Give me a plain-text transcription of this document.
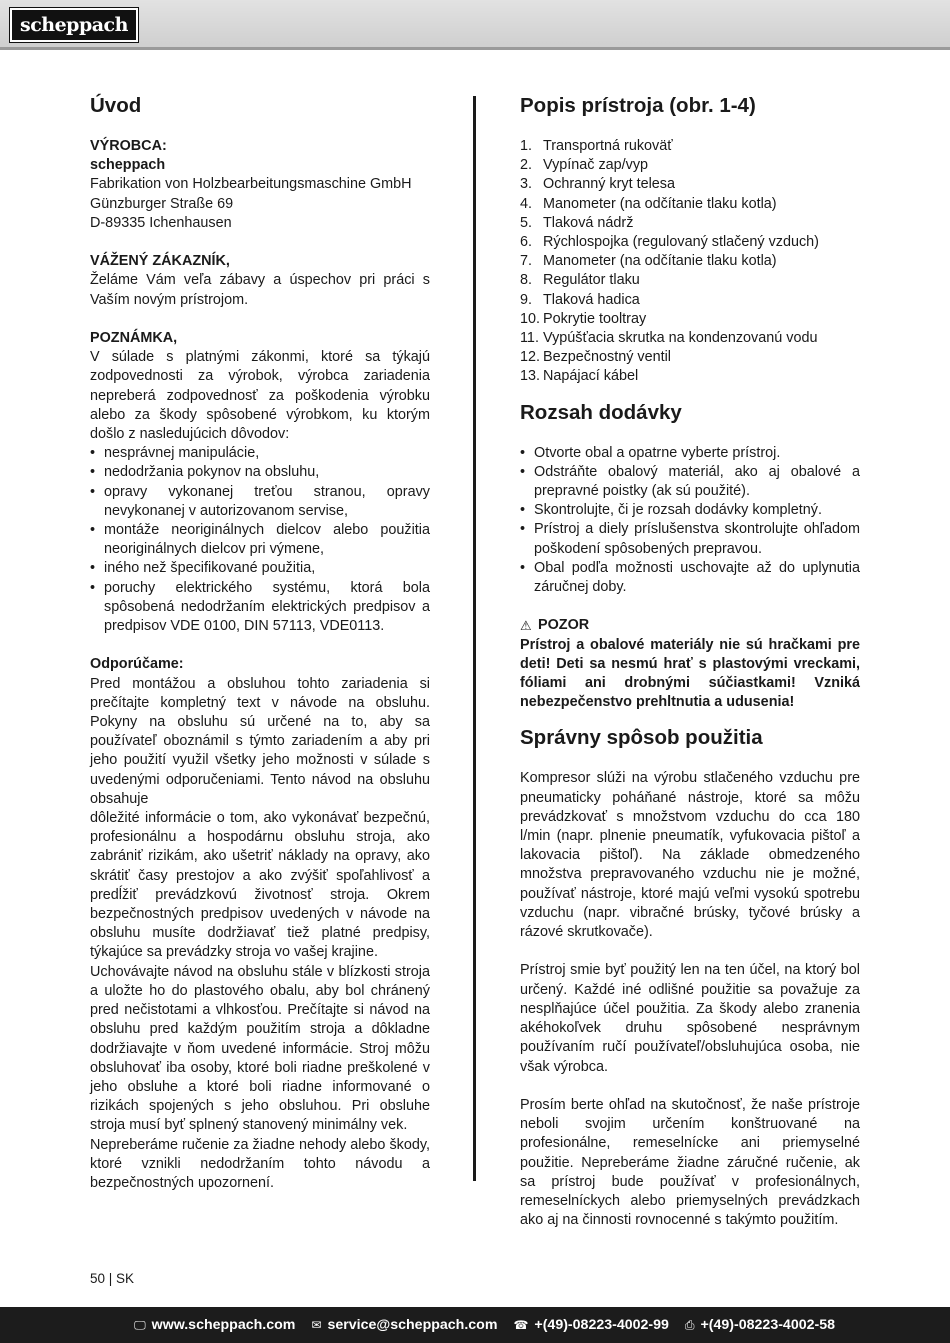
scheppach
Úvod

VÝROBCA:

scheppach

Fabrikation von Holzbearbeitungsmaschine GmbH

Günzburger Straße 69

D-89335 Ichenhausen

VÁŽENÝ ZÁKAZNÍK,

Želáme Vám veľa zábavy a úspechov pri práci s Vaším novým prístrojom.

POZNÁMKA,

V súlade s platnými zákonmi, ktoré sa týkajú zodpovednosti za výrobok, výrobca zariadenia nepreberá zodpovednosť za poškodenia výrobku alebo za škody spôsobené výrobkom, ku ktorým došlo z nasledujúcich dôvodov:

• nesprávnej manipulácie,
• nedodržania pokynov na obsluhu,
• opravy vykonanej treťou stranou, opravy nevykonanej v autorizovanom servise,
• montáže neoriginálnych dielcov alebo použitia neoriginálnych dielcov pri výmene,
• iného než špecifikované použitia,
• poruchy elektrického systému, ktorá bola spôsobená nedodržaním elektrických predpisov a predpisov VDE 0100, DIN 57113, VDE0113.

Odporúčame:

Pred montážou a obsluhou tohto zariadenia si prečítajte kompletný text v návode na obsluhu. Pokyny na obsluhu sú určené na to, aby sa používateľ oboznámil s týmto zariadením a aby pri jeho použití využil všetky jeho možnosti v súlade s uvedenými odporučeniami. Tento návod na obsluhu obsahuje

dôležité informácie o tom, ako vykonávať bezpečnú, profesionálnu a hospodárnu obsluhu stroja, ako zabrániť rizikám, ako ušetriť náklady na opravy, ako skrátiť časy prestojov a ako zvýšiť spoľahlivosť a predĺžiť prevádzkovú životnosť stroja. Okrem bezpečnostných predpisov uvedených v návode na obsluhu musíte dodržiavať tiež platné predpisy, týkajúce sa prevádzky stroja vo vašej krajine.

Uchovávajte návod na obsluhu stále v blízkosti stroja a uložte ho do plastového obalu, aby bol chránený pred nečistotami a vlhkosťou. Prečítajte si návod na obsluhu pred každým použitím stroja a dôkladne dodržiavajte v ňom uvedené informácie. Stroj môžu obsluhovať iba osoby, ktoré boli riadne preškolené v jeho obsluhe a ktoré boli riadne informované o rizikách spojených s jeho obsluhou. Pri obsluhe stroja musí byť splnený stanovený minimálny vek.

Nepreberáme ručenie za žiadne nehody alebo škody, ktoré vznikli nedodržaním tohto návodu a bezpečnostných upozornení.

Popis prístroja (obr. 1-4)
1. Transportná rukoväť
2. Vypínač zap/vyp
3. Ochranný kryt telesa
4. Manometer (na odčítanie tlaku kotla)
5. Tlaková nádrž
6. Rýchlospojka (regulovaný stlačený vzduch)
7. Manometer (na odčítanie tlaku kotla)
8. Regulátor tlaku
9. Tlaková hadica
10. Pokrytie tooltray
11. Vypúšťacia skrutka na kondenzovanú vodu
12. Bezpečnostný ventil
13. Napájací kábel
Rozsah dodávky
• Otvorte obal a opatrne vyberte prístroj.
• Odstráňte obalový materiál, ako aj obalové a prepravné poistky (ak sú použité).
• Skontrolujte, či je rozsah dodávky kompletný.
• Prístroj a diely príslušenstva skontrolujte ohľadom poškodení spôsobených prepravou.
• Obal podľa možnosti uschovajte až do uplynutia záručnej doby.

⚠ POZOR

Prístroj a obalové materiály nie sú hračkami pre deti! Deti sa nesmú hrať s plastovými vreckami, fóliami ani drobnými súčiastkami! Vzniká nebezpečenstvo prehltnutia a udusenia!

Správny spôsob použitia

Kompresor slúži na výrobu stlačeného vzduchu pre pneumaticky poháňané nástroje, ktoré sa môžu prevádzkovať s množstvom vzduchu do cca 180 l/min (napr. plnenie pneumatík, vyfukovacia pištoľ a lakovacia pištoľ). Na základe obmedzeného množstva prepravovaného vzduchu nie je možné, používať nástroje, ktoré majú veľmi vysokú spotrebu vzduchu (napr. vibračné brúsky, tyčové brúsky a rázové skrutkovače).

Prístroj smie byť použitý len na ten účel, na ktorý bol určený. Každé iné odlišné použitie sa považuje za nesplňajúce účel použitia. Za škody alebo zranenia akéhokoľvek druhu spôsobené nesprávnym používaním ručí používateľ/obsluhujúca osoba, nie však výrobca.

Prosím berte ohľad na skutočnosť, že naše prístroje neboli svojim určením konštruované na profesionálne, remeselnícke ani priemyselné použitie. Nepreberáme žiadne záručné ručenie, ak sa prístroj bude používať v profesionálnych, remeselníckych alebo priemyselných prevádzkach ako aj na činnosti rovnocenné s takýmto použitím.

50 | SK
🖵 www.scheppach.com ✉ service@scheppach.com ☎ +(49)-08223-4002-99 ⎙ +(49)-08223-4002-58
